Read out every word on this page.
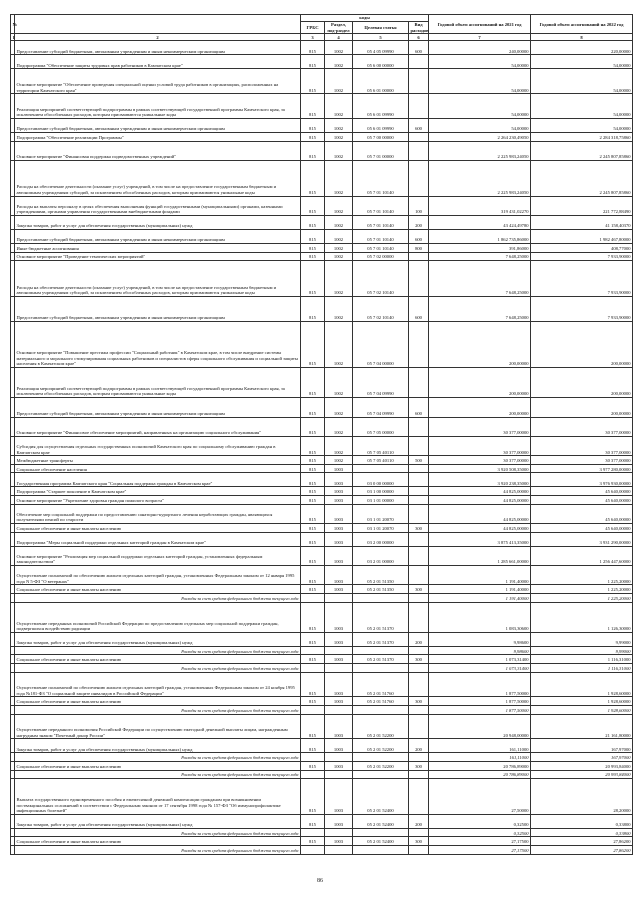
№		коды				Годовой объем ассигнований на 2021 год	Годовой объем ассигнований на 2022 год
		ГРБС	Раздел, под-раздел	Целевая статья	Вид расходов		
1	2	3	4	5	6	7	8
	Предоставление субсидий бюджетным, автономным учреждениям и иным некоммерческим организациям	815	1002	05 4 05 09990	600	240,00000	220,00000
	Подпрограмма "Обеспечение защиты трудовых прав работников в Камчатском крае"	815	1002	05 6 00 00000		54,00000	54,00000
	Основное мероприятие "Обеспечение проведения специальной оценки условий труда работников в организациях, расположенных на территории Камчатского края"	815	1002	05 6 01 00000		54,00000	54,00000
	Реализация мероприятий соответствующей подпрограммы в рамках соответствующей государственной программы Камчатского края, за исключением обособленных расходов, которым присваиваются уникальные коды	815	1002	05 6 01 09990		54,00000	54,00000
	Предоставление субсидий бюджетным, автономным учреждениям и иным некоммерческим организациям	815	1002	05 6 01 09990	600	54,00000	54,00000
	Подпрограмма "Обеспечение реализации Программы"	815	1002	05 7 00 00000		2 264 230,49050	2 284 318,75860
	Основное мероприятие "Финансовая поддержка подведомственных учреждений"	815	1002	05 7 01 00000		2 225 983,24050	2 245 807,85860
	Расходы на обеспечение деятельности (оказание услуг) учреждений, в том числе на предоставление государственным бюджетным и автономным учреждениям субсидий, за исключением обособленных расходов, которым присваиваются уникальные коды	815	1002	05 7 01 10140		2 225 983,24050	2 245 807,85860
	Расходы на выплаты персоналу в целях обеспечения выполнения функций государственными (муниципальными) органами, казенными учреждениями, органами управления государственными внебюджетными фондами	815	1002	05 7 01 10140	100	319 431,02270	221 772,88490
	Закупка товаров, работ и услуг для обеспечения государственных (муниципальных) нужд	815	1002	05 7 01 10140	200	43 424,49780	41 158,40370
	Предоставление субсидий бюджетным, автономным учреждениям и иным некоммерческим организациям	815	1002	05 7 01 10140	600	1 862 735,86000	1 982 467,80000
	Иные бюджетные ассигнования	815	1002	05 7 01 10140	800	391,86000	408,77000
	Основное мероприятие "Проведение тематических мероприятий"	815	1002	05 7 02 00000		7 648,25000	7 933,90000
	Расходы на обеспечение деятельности (оказание услуг) учреждений, в том числе на предоставление государственным бюджетным и автономным учреждениям субсидий, за исключением обособленных расходов, которым присваиваются уникальные коды	815	1002	05 7 02 10140		7 648,25000	7 933,90000
	Предоставление субсидий бюджетным, автономным учреждениям и иным некоммерческим организациям	815	1002	05 7 02 10140	600	7 648,25000	7 933,90000
	Основное мероприятие "Повышение престижа профессии "Социальный работник" в Камчатском крае, в том числе внедрение системы материального и морального стимулирования социальных работников и специалистов сферы социального обслуживания и социальной защиты населения в Камчатском крае"	815	1002	05 7 04 00000		200,00000	200,00000
	Реализация мероприятий соответствующей подпрограммы в рамках соответствующей государственной программы Камчатского края, за исключением обособленных расходов, которым присваиваются уникальные коды	815	1002	05 7 04 09990		200,00000	200,00000
	Предоставление субсидий бюджетным, автономным учреждениям и иным некоммерческим организациям	815	1002	05 7 04 09990	600	200,00000	200,00000
	Основное мероприятие "Финансовое обеспечение мероприятий, направленных на организацию социального обслуживания"	815	1002	05 7 05 00000		30 377,00000	30 377,00000
	Субсидия для осуществления отдельных государственных полномочий Камчатского края по социальному обслуживанию граждан в Камчатском крае	815	1002	05 7 05 40110		30 377,00000	30 377,00000
	Межбюджетные трансферты	815	1002	05 7 05 40110	500	30 377,00000	30 377,00000
	Социальное обеспечение населения	815	1003			3 920 508,35000	3 977 280,00000
	Государственная программа Камчатского края "Социальная поддержка граждан в Камчатском крае"	815	1003	03 0 00 00000		3 920 238,35000	3 976 930,00000
	Подпрограмма "Старшее поколение в Камчатском крае"	815	1003	03 1 00 00000		44 825,00000	45 640,00000
	Основное мероприятие "Укрепление здоровья граждан пожилого возраста"	815	1003	03 1 01 00000		44 825,00000	45 640,00000
	Обеспечение мер социальной поддержки по предоставлению санаторно-курортного лечения неработающих граждан, являющихся получателями пенсий по старости	815	1003	03 1 01 20070		44 825,00000	45 640,00000
	Социальное обеспечение и иные выплаты населению	815	1003	03 1 01 20070	300	44 825,00000	45 640,00000
	Подпрограмма "Меры социальной поддержки отдельных категорий граждан в Камчатском крае"	815	1003	03 2 00 00000		3 875 413,35000	3 931 290,00000
	Основное мероприятие "Реализация мер социальной поддержки отдельных категорий граждан, установленных федеральным законодательством"	815	1003	03 2 01 00000		1 285 661,00000	1 256 447,60000
	Осуществление полномочий по обеспечению жильем отдельных категорий граждан, установленных Федеральным законом от 12 января 1995 года N 5-ФЗ "О ветеранах"	815	1003	05 2 01 51350		1 191,40000	1 225,20000
	Социальное обеспечение и иные выплаты населению	815	1003	05 2 01 51350	300	1 191,40000	1 225,20000
	Расходы за счет средств федерального бюджета текущего года					1 191,40000	1 225,20000
	Осуществление переданных полномочий Российской Федерации по предоставлению отдельных мер социальной поддержки граждан, подвергшихся воздействию радиации	815	1003	05 2 01 51370		1 083,30600	1 126,30000
	Закупка товаров, работ и услуг для обеспечения государственных (муниципальных) нужд	815	1003	05 2 01 51370	200	9,98600	9,99000
	Расходы за счет средств федерального бюджета текущего года					9,98600	9,99000
	Социальное обеспечение и иные выплаты населению	815	1003	05 2 01 51370	300	1 073,31400	1 116,31000
	Расходы за счет средств федерального бюджета текущего года					1 073,31400	1 116,31000
	Осуществление полномочий по обеспечению жильем отдельных категорий граждан, установленных Федеральным законом от 24 ноября 1995 года №181-ФЗ "О социальной защите инвалидов в Российской Федерации"	815	1003	05 2 01 51760		1 877,50000	1 928,60000
	Социальное обеспечение и иные выплаты населению	815	1003	05 2 01 51760	300	1 877,50000	1 928,60000
	Расходы за счет средств федерального бюджета текущего года					1 877,50000	1 928,60000
	Осуществление переданного полномочия Российской Федерации по осуществлению ежегодной денежной выплаты лицам, награжденным нагрудным знаком "Почетный донор России"	815	1003	05 2 01 52200		20 948,00000	21 161,80000
	Закупка товаров, работ и услуг для обеспечения государственных (муниципальных) нужд	815	1003	05 2 01 52200	200	161,11000	167,97000
	Расходы за счет средств федерального бюджета текущего года					161,11000	167,97000
	Социальное обеспечение и иные выплаты населению	815	1003	05 2 01 52200	300	20 786,89000	20 993,84000
	Расходы за счет средств федерального бюджета текущего года					20 786,89000	20 993,84000
	Выплата государственного единовременного пособия и ежемесячной денежной компенсации гражданам при возникновении поствакцинальных осложнений в соответствии с Федеральным законом от 17 сентября 1998 года № 157-ФЗ "Об иммунопрофилактике инфекционных болезней"	815	1003	05 2 01 52400		27,50000	28,20000
	Закупка товаров, работ и услуг для обеспечения государственных (муниципальных) нужд	815	1003	05 2 01 52400	200	0,32500	0,33800
	Расходы за счет средств федерального бюджета текущего года					0,32500	0,33800
	Социальное обеспечение и иные выплаты населению	815	1003	05 2 01 52400	300	27,17500	27,86200
	Расходы за счет средств федерального бюджета текущего года					27,17500	27,86200
86
